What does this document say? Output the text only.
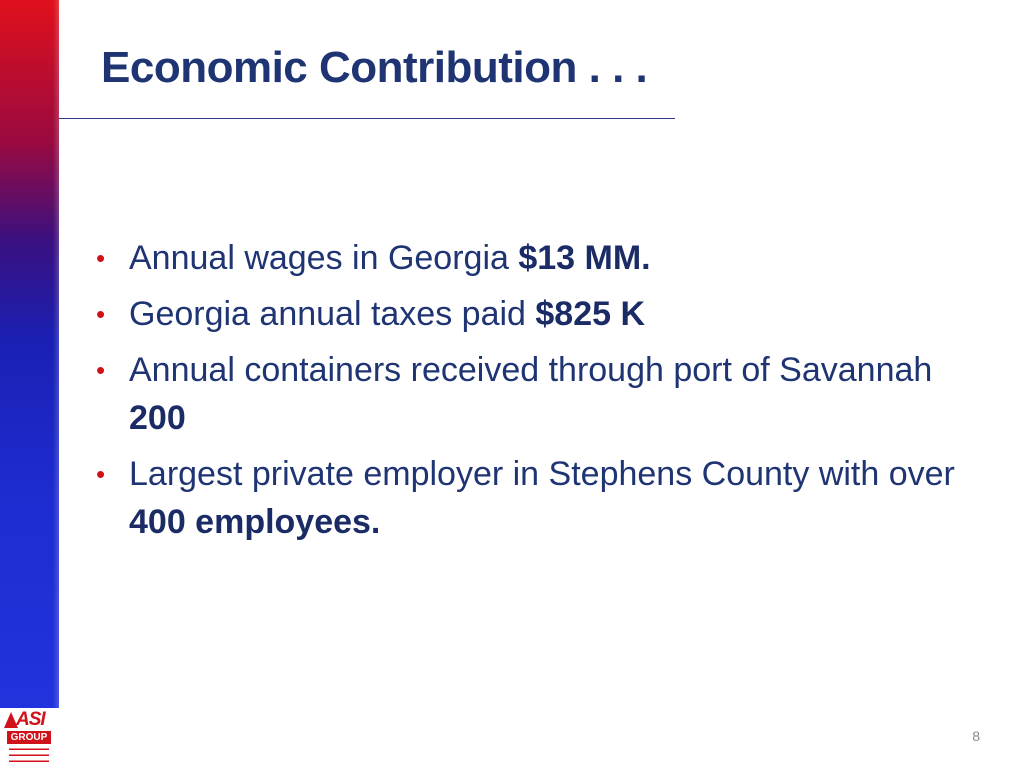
Economic Contribution . . .
• Annual wages in Georgia $13 MM.
• Georgia annual taxes paid $825 K
• Annual containers received through port of Savannah 200
• Largest private employer in Stephens County with over 400 employees.
ASI
GROUP
▬▬▬▬▬▬▬▬
▬▬▬▬▬▬▬▬
▬▬▬▬▬▬▬▬
8
